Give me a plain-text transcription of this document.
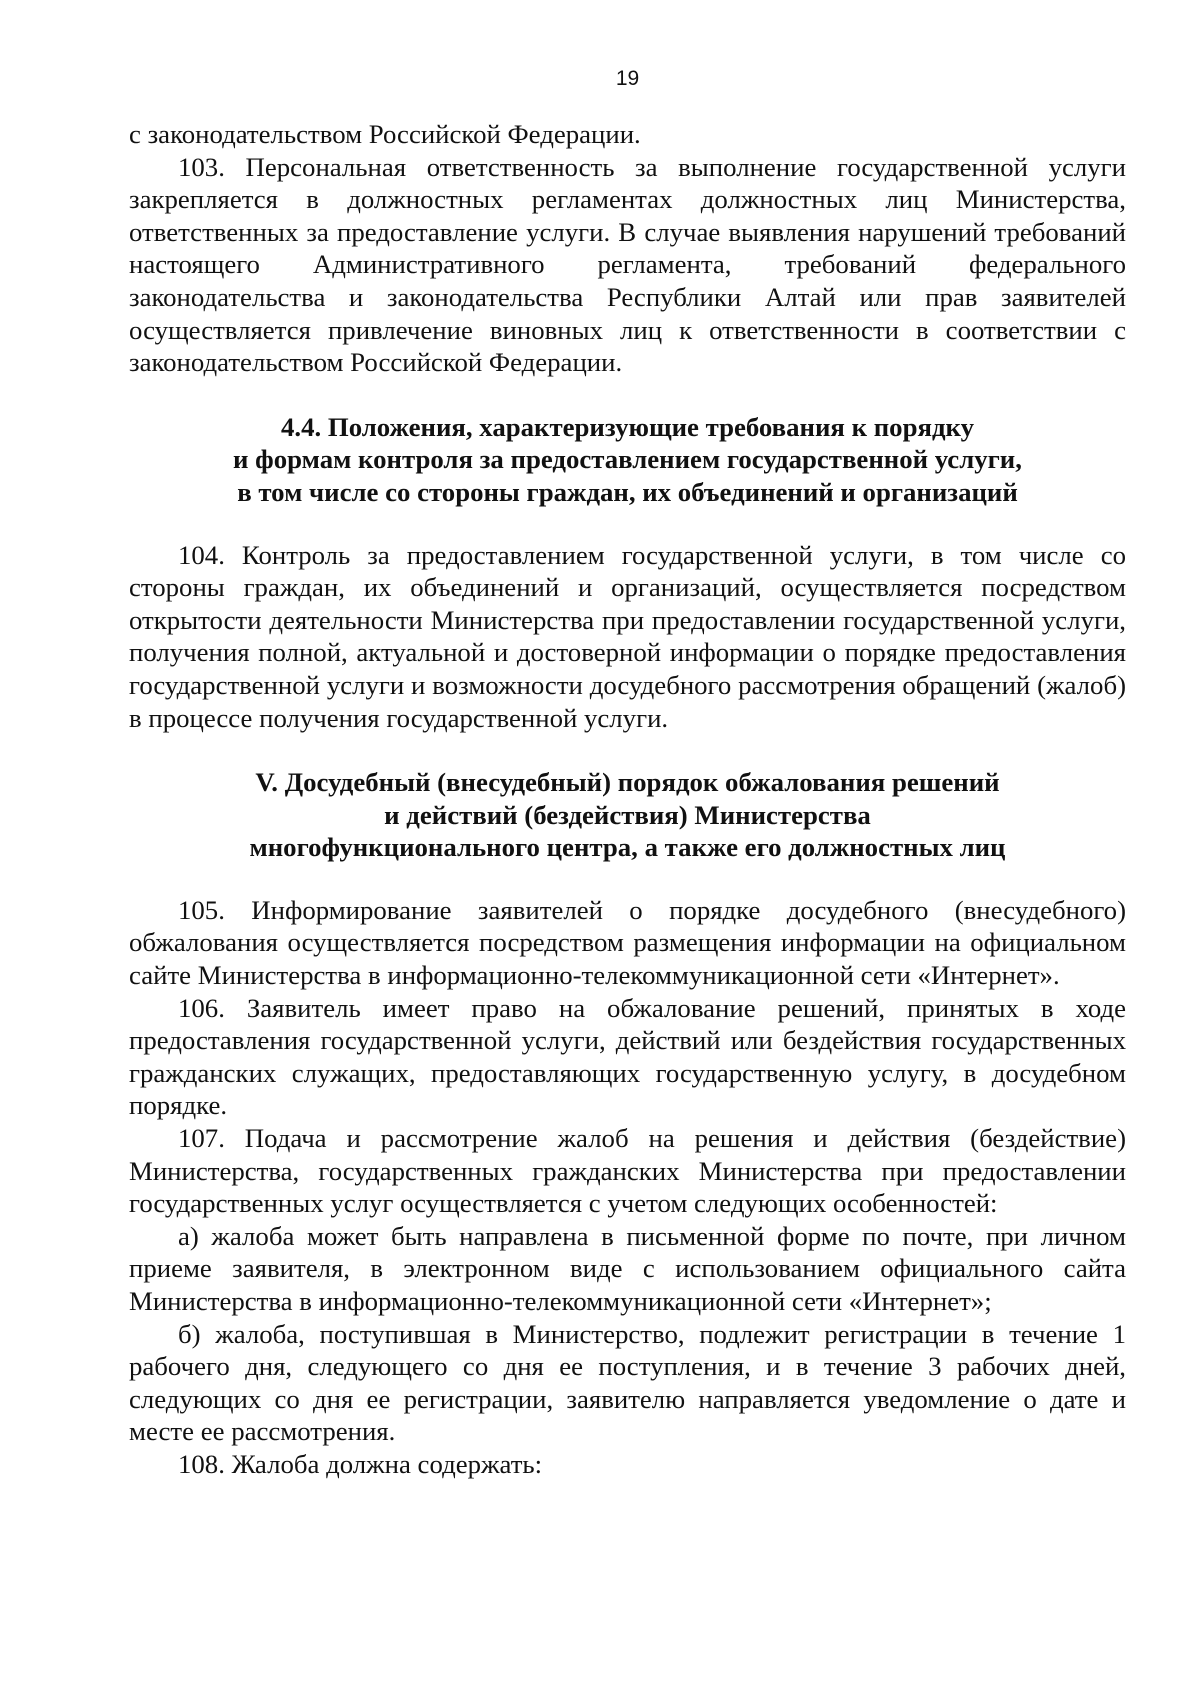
19

с законодательством Российской Федерации.

103. Персональная ответственность за выполнение государственной услуги закрепляется в должностных регламентах должностных лиц Министерства, ответственных за предоставление услуги. В случае выявления нарушений требований настоящего Административного регламента, требований федерального законодательства и законодательства Республики Алтай или прав заявителей осуществляется привлечение виновных лиц к ответственности в соответствии с законодательством Российской Федерации.

4.4. Положения, характеризующие требования к порядку
и формам контроля за предоставлением государственной услуги,
в том числе со стороны граждан, их объединений и организаций

104. Контроль за предоставлением государственной услуги, в том числе со стороны граждан, их объединений и организаций, осуществляется посредством открытости деятельности Министерства при предоставлении государственной услуги, получения полной, актуальной и достоверной информации о порядке предоставления государственной услуги и возможности досудебного рассмотрения обращений (жалоб) в процессе получения государственной услуги.

V. Досудебный (внесудебный) порядок обжалования решений
и действий (бездействия) Министерства
многофункционального центра, а также его должностных лиц

105. Информирование заявителей о порядке досудебного (внесудебного) обжалования осуществляется посредством размещения информации на официальном сайте Министерства в информационно-телекоммуникационной сети «Интернет».

106. Заявитель имеет право на обжалование решений, принятых в ходе предоставления государственной услуги, действий или бездействия государственных гражданских служащих, предоставляющих государственную услугу, в досудебном порядке.

107. Подача и рассмотрение жалоб на решения и действия (бездействие) Министерства, государственных гражданских Министерства при предоставлении государственных услуг осуществляется с учетом следующих особенностей:

а) жалоба может быть направлена в письменной форме по почте, при личном приеме заявителя, в электронном виде с использованием официального сайта Министерства в информационно-телекоммуникационной сети «Интернет»;

б) жалоба, поступившая в Министерство, подлежит регистрации в течение 1 рабочего дня, следующего со дня ее поступления, и в течение 3 рабочих дней, следующих со дня ее регистрации, заявителю направляется уведомление о дате и месте ее рассмотрения.

108. Жалоба должна содержать:
